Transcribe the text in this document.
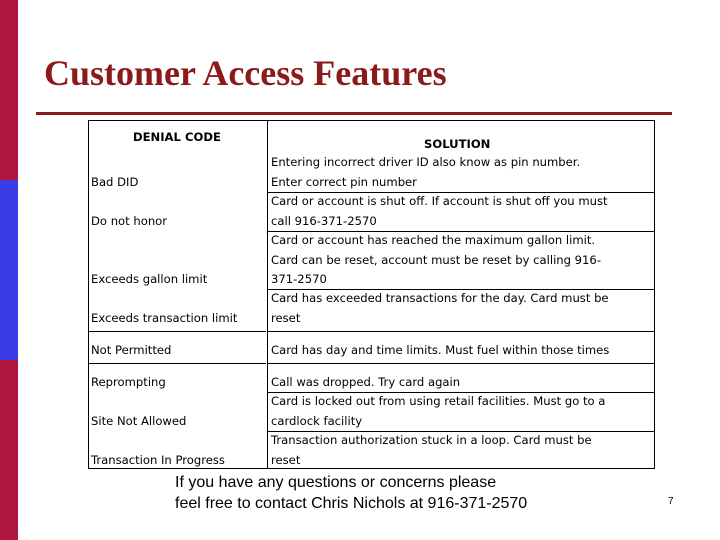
Customer Access Features
DENIAL CODE
Bad DID
Do not honor
Exceeds gallon limit
Exceeds transaction limit
Not Permitted
Reprompting
Site Not Allowed
Transaction In Progress
SOLUTION
Entering incorrect driver ID also know as pin number.
Enter correct pin number
Card or account is shut off. If account is shut off you must
call 916-371-2570
Card or account has reached the maximum gallon limit.
Card can be reset, account must be reset by calling 916-
371-2570
Card has exceeded transactions for the day. Card must be
reset
Card has day and time limits. Must fuel within those times
Call was dropped. Try card again
Card is locked out from using retail facilities. Must go to a
cardlock facility
Transaction authorization stuck in a loop. Card must be
reset
If you have any questions or concerns please
feel free to contact Chris Nichols at 916-371-2570	7
